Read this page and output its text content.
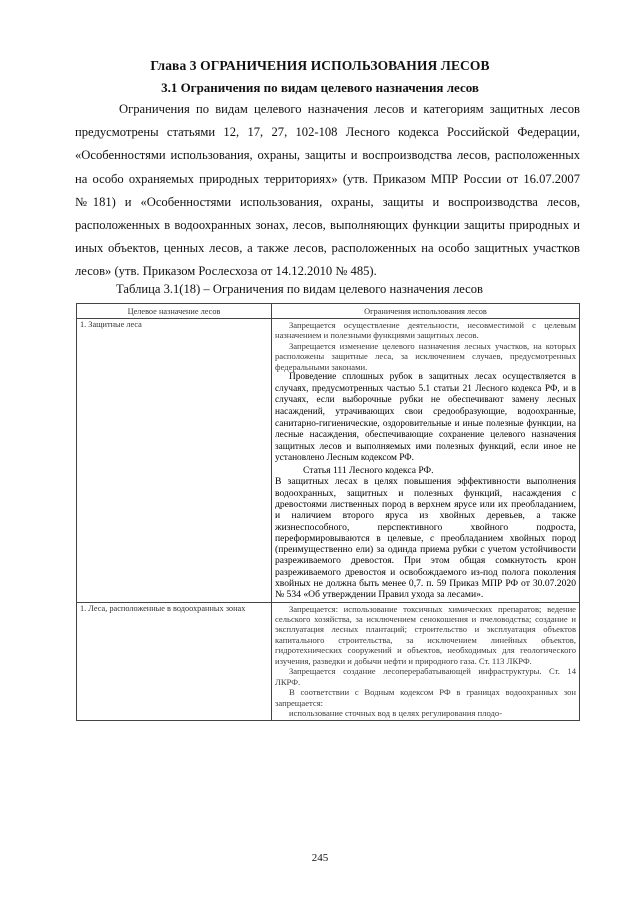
Глава 3 ОГРАНИЧЕНИЯ ИСПОЛЬЗОВАНИЯ ЛЕСОВ
3.1 Ограничения по видам целевого назначения лесов

Ограничения по видам целевого назначения лесов и категориям защитных лесов предусмотрены статьями 12, 17, 27, 102-108 Лесного кодекса Российской Федерации, «Особенностями использования, охраны, защиты и воспроизводства лесов, расположенных на особо охраняемых природных территориях» (утв. Приказом МПР России от 16.07.2007 №181) и «Особенностями использования, охраны, защиты и воспроизводства лесов, расположенных в водоохранных зонах, лесов, выполняющих функции защиты природных и иных объектов, ценных лесов, а также лесов, расположенных на особо защитных участков лесов» (утв. Приказом Рослесхоза от 14.12.2010 № 485).

Таблица 3.1(18) – Ограничения по видам целевого назначения лесов
Целевое назначение лесов	Ограничения использования лесов
1. Защитные леса	Запрещается осуществление деятельности, несовместимой с целевым назначением и полезными функциями защитных лесов.

Запрещается изменение целевого назначения лесных участков, на которых расположены защитные леса, за исключением случаев, предусмотренных федеральными законами.

Проведение сплошных рубок в защитных лесах осуществляется в случаях, предусмотренных частью 5.1 статьи 21 Лесного кодекса РФ, и в случаях, если выборочные рубки не обеспечивают замену лесных насаждений, утрачивающих свои средообразующие, водоохранные, санитарно-гигиенические, оздоровительные и иные полезные функции, на лесные насаждения, обеспечивающие сохранение целевого назначения защитных лесов и выполняемых ими полезных функций, если иное не установлено Лесным кодексом РФ.

Статья 111 Лесного кодекса РФ.

В защитных лесах в целях повышения эффективности выполнения водоохранных, защитных и полезных функций, насаждения с древостоями лиственных пород в верхнем ярусе или их преобладанием, и наличием второго яруса из хвойных деревьев, а также жизнеспособного, перспективного хвойного подроста, переформировываются в целевые, с преобладанием хвойных пород (преимущественно ели) за одинда приема рубки с учетом устойчивости разреживаемого древостоя. При этом общая сомкнутость крон разреживаемого древостоя и освобождаемого из-под полога поколения хвойных не должна быть менее 0,7. п. 59 Приказ МПР РФ от 30.07.2020 № 534 «Об утверждении Правил ухода за лесами».

1. Леса, расположенные в водоохранных зонах	Запрещается: использование токсичных химических препаратов; ведение сельского хозяйства, за исключением сенокошения и пчеловодства; создание и эксплуатация лесных плантаций; строительство и эксплуатация объектов капитального строительства, за исключением линейных объектов, гидротехнических сооружений и объектов, необходимых для геологического изучения, разведки и добычи нефти и природного газа. Ст. 113 ЛКРФ.

Запрещается создание лесоперерабатывающей инфраструктуры. Ст. 14 ЛКРФ.

В соответствии с Водным кодексом РФ в границах водоохранных зон запрещается:

использование сточных вод в целях регулирования плодо-

245
